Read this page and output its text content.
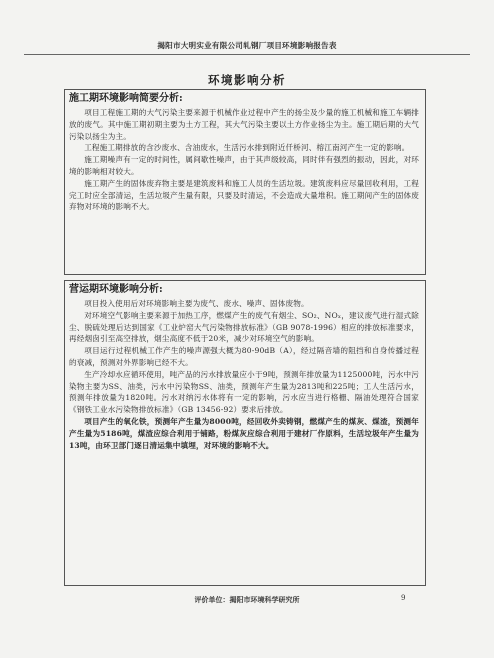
揭阳市大明实业有限公司轧钢厂项目环境影响报告表
环境影响分析
施工期环境影响简要分析:

项目工程施工期的大气污染主要来源于机械作业过程中产生的扬尘及少量的施工机械和施工车辆排放的废气。其中施工期初期主要为土方工程，其大气污染主要以土方作业扬尘为主。施工期后期的大气污染以扬尘为主。

工程施工期排放的含沙废水、含油废水，生活污水排到附近仟桥河、榕江南河产生一定的影响。

施工期噪声有一定的时间性，属间歇性噪声，由于其声级较高，同时伴有强烈的振动，因此，对环境的影响相对较大。

施工期产生的固体废弃物主要是建筑废料和施工人员的生活垃圾。建筑废料应尽量回收利用，工程完工时应全部清运，生活垃圾产生量有限，只要及时清运，不会造成大量堆积。施工期间产生的固体废弃物对环境的影响不大。

营运期环境影响分析:

项目投入使用后对环境影响主要为废气、废水、噪声、固体废物。

对环境空气影响主要来源于加热工序，燃煤产生的废气有烟尘、SO₂、NOₓ，建议废气进行湿式除尘、脱硫处理后达到国家《工业炉窑大气污染物排放标准》（GB 9078-1996）相应的排放标准要求，再经烟囱引至高空排放，烟尘高度不低于20米，减少对环境空气的影响。

项目运行过程机械工作产生的噪声源强大概为80-90dB（A），经过隔音墙的阻挡和自身传播过程的衰减，预测对外界影响已经不大。

生产冷却水应循环使用，吨产品的污水排放量应小于9吨，预测年排放量为1125000吨，污水中污染物主要为SS、油类，污水中污染物SS、油类，预测年产生量为2813吨和225吨；工人生活污水，预测年排放量为1820吨。污水对纳污水体将有一定的影响，污水应当进行格栅、隔油处理符合国家《钢铁工业水污染物排放标准》（GB 13456-92）要求后排放。

项目产生的氧化铁，预测年产生量为8000吨，经回收外卖铸钢，燃煤产生的煤灰、煤渣，预测年产生量为5186吨，煤渣应综合利用于铺路，粉煤灰应综合利用于建材厂作原料，生活垃圾年产生量为13吨，由环卫部门逐日清运集中填埋，对环境的影响不大。

评价单位：揭阳市环境科学研究所	9
